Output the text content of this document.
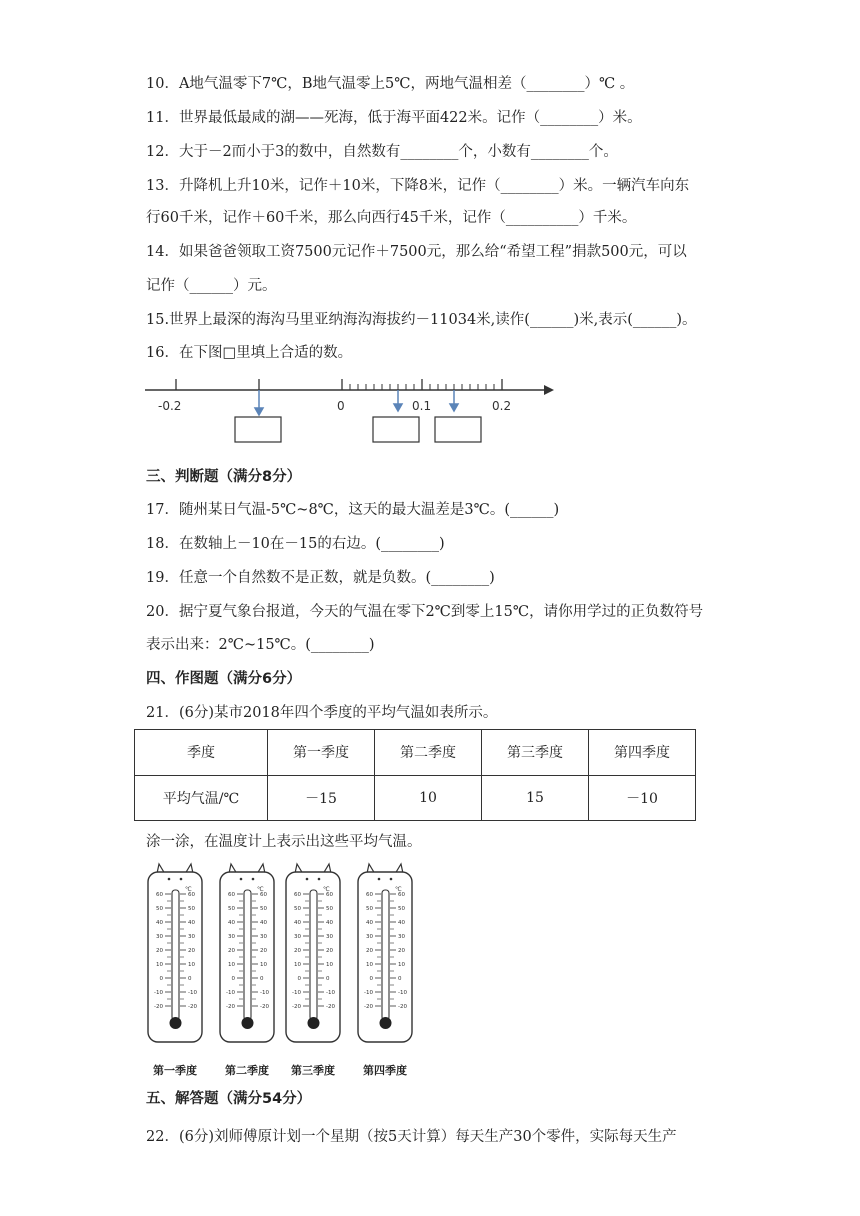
10．A地气温零下7℃，B地气温零上5℃，两地气温相差（________）℃ 。
11．世界最低最咸的湖——死海，低于海平面422米。记作（________）米。
12．大于－2而小于3的数中，自然数有________个，小数有________个。
13．升降机上升10米，记作＋10米，下降8米，记作（________）米。一辆汽车向东
行60千米，记作＋60千米，那么向西行45千米，记作（__________）千米。
14．如果爸爸领取工资7500元记作＋7500元，那么给“希望工程”捐款500元，可以
记作（______）元。
15.世界上最深的海沟马里亚纳海沟海拔约－11034米,读作(______)米,表示(______)。
16．在下图□里填上合适的数。
-0.2	0	0.1	0.2
三、判断题（满分8分）
17．随州某日气温-5℃~8℃，这天的最大温差是3℃。(______)
18．在数轴上－10在－15的右边。(________)
19．任意一个自然数不是正数，就是负数。(________)
20．据宁夏气象台报道，今天的气温在零下2℃到零上15℃，请你用学过的正负数符号
表示出来：2℃~15℃。(________)
四、作图题（满分6分）
21．(6分)某市2018年四个季度的平均气温如表所示。
季度	第一季度	第二季度	第三季度	第四季度
平均气温/℃	－15	10	15	－10
涂一涂，在温度计上表示出这些平均气温。
℃
60	60
50	50
40	40
30	30
20	20
10	10
0	0
-10	-10
-20	-20
第一季度
℃
60	60
50	50
40	40
30	30
20	20
10	10
0	0
-10	-10
-20	-20
第二季度
℃
60	60
50	50
40	40
30	30
20	20
10	10
0	0
-10	-10
-20	-20
第三季度
℃
60	60
50	50
40	40
30	30
20	20
10	10
0	0
-10	-10
-20	-20
第四季度
五、解答题（满分54分）
22．(6分)刘师傅原计划一个星期（按5天计算）每天生产30个零件，实际每天生产
